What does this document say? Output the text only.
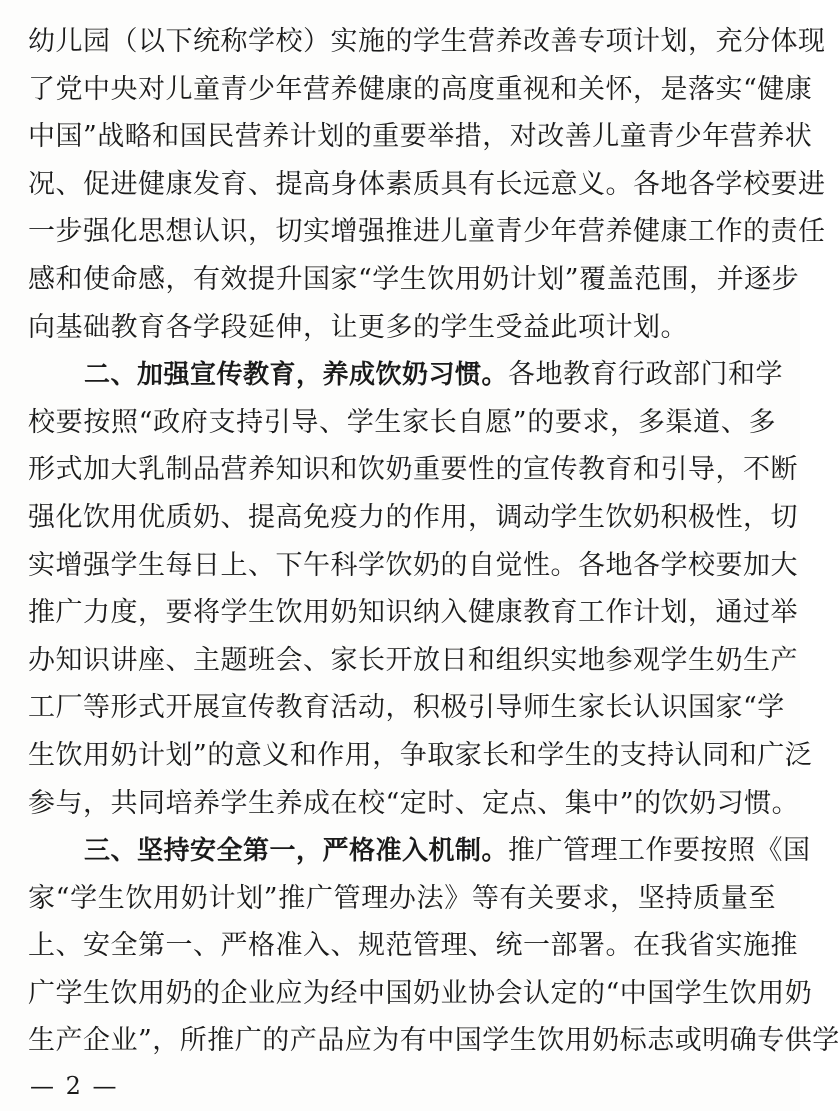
幼儿园（以下统称学校）实施的学生营养改善专项计划，充分体现
了党中央对儿童青少年营养健康的高度重视和关怀，是落实“健康
中国”战略和国民营养计划的重要举措，对改善儿童青少年营养状
况、促进健康发育、提高身体素质具有长远意义。各地各学校要进
一步强化思想认识，切实增强推进儿童青少年营养健康工作的责任
感和使命感，有效提升国家“学生饮用奶计划”覆盖范围，并逐步
向基础教育各学段延伸，让更多的学生受益此项计划。
二、加强宣传教育，养成饮奶习惯。各地教育行政部门和学
校要按照“政府支持引导、学生家长自愿”的要求，多渠道、多
形式加大乳制品营养知识和饮奶重要性的宣传教育和引导，不断
强化饮用优质奶、提高免疫力的作用，调动学生饮奶积极性，切
实增强学生每日上、下午科学饮奶的自觉性。各地各学校要加大
推广力度，要将学生饮用奶知识纳入健康教育工作计划，通过举
办知识讲座、主题班会、家长开放日和组织实地参观学生奶生产
工厂等形式开展宣传教育活动，积极引导师生家长认识国家“学
生饮用奶计划”的意义和作用，争取家长和学生的支持认同和广泛
参与，共同培养学生养成在校“定时、定点、集中”的饮奶习惯。
三、坚持安全第一，严格准入机制。推广管理工作要按照《国
家“学生饮用奶计划”推广管理办法》等有关要求，坚持质量至
上、安全第一、严格准入、规范管理、统一部署。在我省实施推
广学生饮用奶的企业应为经中国奶业协会认定的“中国学生饮用奶
生产企业”，所推广的产品应为有中国学生饮用奶标志或明确专供学
— 2 —
